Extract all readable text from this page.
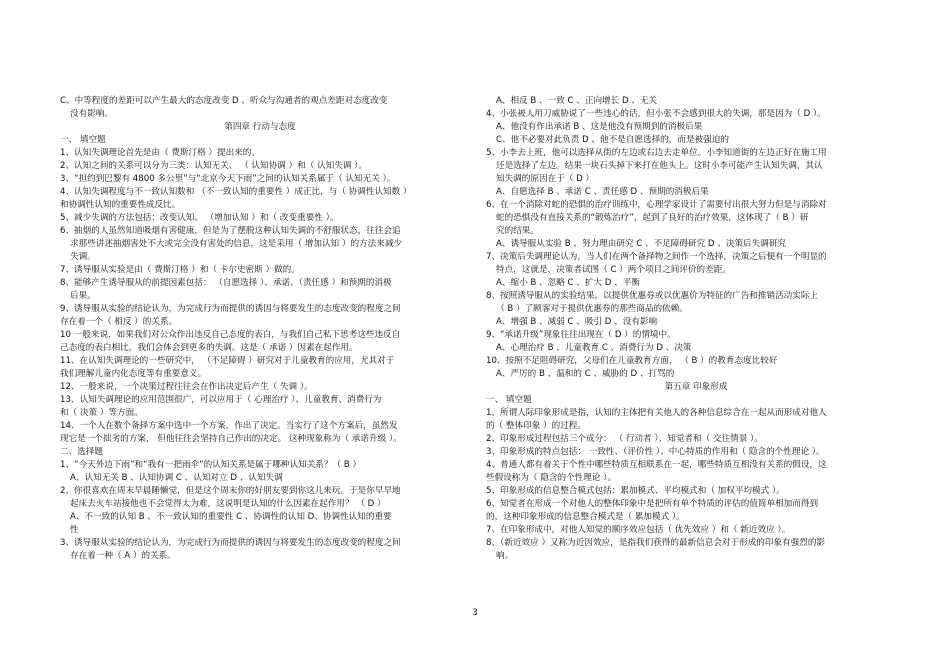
C、中等程度的差距可以产生最大的态度改变 D 、听众与沟通者的观点差距对态度改变
没有影响。
第四章 行动与态度
一、 填空题
1、认知失调理论首先是由（ 费斯汀格 ）提出来的。
2、认知之间的关系可以分为三类：认知无关、 （ 认知协调 ）和（ 认知失调 ）。
3、“担约到巴黎有 4800 多公里”与“北京今天下雨”之间的认知关系属于（ 认知无关 ）。
4、认知失调程度与不一致认知数和 （不一致认知的重要性 ）成正比，与（ 协调性认知数 ）
和协调性认知的重要性成反比。
5、减少失调的方法包括：改变认知、 （增加认知 ）和（ 改变重要性 ）。
6、抽烟的人虽然知道吸烟有害健康，但是为了摆脱这种认知失调的不舒服状态，往往会追
求那些讲述抽烟害处不大或完全没有害处的信息，这是采用（ 增加认知 ）的方法来减少
失调。
7、诱导服从实验是由（ 费斯汀格 ）和（ 卡尔史密斯 ）做的。
8、能够产生诱导服从的前提因素包括： （自愿选择 ）、承诺、（责任感 ）和预期的消极
后果。
9、诱导服从实验的结论认为，为完成行为而提供的诱因与将要发生的态度改变的程度之间
存在着一个（ 相反 ）的关系。
10 一般来说，如果我们对公众作出违反自己态度的表白，与我们自己私下思考这些违反自
己态度的表白相比，我们会体会到更多的失调。这是（ 承诺 ）因素在起作用。
11、在认知失调理论的一些研究中， （不足障碍 ）研究对于儿童教育的应用，尤其对于
我们理解儿童内化态度等有重要意义。
12、一般来说，一个决策过程往往会在作出决定后产生（ 失调 ）。
13、认知失调理论的应用范围很广，可以应用于（ 心理治疗 ）、儿童教育、消费行为
和（ 决策 ）等方面。
14、一个人在数个备择方案中选中一个方案，作出了决定。当实行了这个方案后，虽然发
现它是一个拙劣的方案， 但他往往会坚持自己作出的决定。 这种现象称为（ 承诺升级 ）。
二、选择题
1、“今天外边下雨”和“我有一把雨伞”的认知关系是属于哪种认知关系？（ B ）
A、认知无关 B 、认知协调 C 、认知对立 D 、认知失调
2、你很喜欢在周末早晨睡懒觉，但是这个周末你的好朋友要到你这儿来玩。于是你早早地
起床去火车站接他也不会觉得太为难，这说明是认知的什么因素在起作用？ （ D ）
A、不一致的认知 B 、不一致认知的重要性 C 、协调性的认知 D、协调性认知的重要
性
3、诱导服从实验的结论认为，为完成行为而提供的诱因与将要发生的态度改变的程度之间
存在着一种（ A ）的关系。
A、相反 B 、一致 C 、正向增长 D 、无关
4、小张被人用刀威胁说了一些违心的话，但小张不会感到很大的失调，那是因为（ D ）。
A、他没有作出承诺 B 、这是他没有预期到的消极后果
C、他不必要对此负责 D 、他不是自愿选择的，而是被强迫的
5、小李去上班，他可以选择从街的左边或右边去走单位。小李知道街的左边正好在施工用
还是选择了左边。结果一块石头掉下来打在他头上。这时小李可能产生认知失调，其认
知失调的原因在于（ D ）
A、自愿选择 B 、承诺 C 、责任感 D 、预期的消极后果
6、在一个消除对蛇的恐惧的治疗训练中，心理学家设计了需要付出很大努力但是与消除对
蛇的恐惧没有直接关系的“锻炼治疗”，起到了良好的治疗效果，这体现了（ B ）研
究的结果。
A、诱导服从实验 B 、努力理由研究 C 、不足障碍研究 D 、决策后失调研究
7、决策后失调理论认为，当人们在两个备择物之间作一个选择，决策之后便有一个明显的
特点，这就是，决策者试图（ C ）两个项目之间评价的差距。
A、缩小 B 、忽略 C 、扩大 D 、平衡
8、按照诱导服从的实验结果，以提供优惠券或以优惠价为特征的广告和推销活动实际上
（ B ）了顾客对于提供优惠券的那些商品的依赖。
A、增强 B 、减弱 C 、吸引 D 、没有影响
9、“承诺升级”现象往往出现在（ D ）的情境中。
A、心理治疗 B 、儿童教育 C 、消费行为 D 、决策
10、按照不足阻碍研究，父母们在儿童教育方面， （ B ）的教育态度比较好
A、严厉的 B 、温和的 C 、威胁的 D 、打骂的
第五章 印象形成
一、 填空题
1、所谓人际印象形成是指，认知的主体把有关他人的各种信息综合在一起从而形成对他人
的（ 整体印象 ）的过程。
2、印象形成过程包括三个成分： （ 行动者 ）、知觉者和（ 交往情景 ）。
3、印象形成的特点包括： 一致性、（评价性 ）、中心特质的作用和（ 隐含的个性理论 ）。
4、普通人都有着关于个性中哪些特质互相联系在一起，哪些特质互相没有关系的假设，这
些假设称为（ 隐含的个性理论 ）。
5、印象形成的信息整合模式包括：累加模式、平均模式和（ 加权平均模式 ）。
6、知觉者在形成一个对他人的整体印象中是把所有单个特质的评估的值简单相加而得到
的，这种印象形成的信息整合模式是（ 累加模式 ）。
7、在印象形成中，对他人知觉的顺序效应包括（ 优先效应 ）和（ 新近效应 ）。
8、（新近效应 ）又称为近因效应，是指我们获得的最新信息会对于形成的印象有强烈的影
响。
3
